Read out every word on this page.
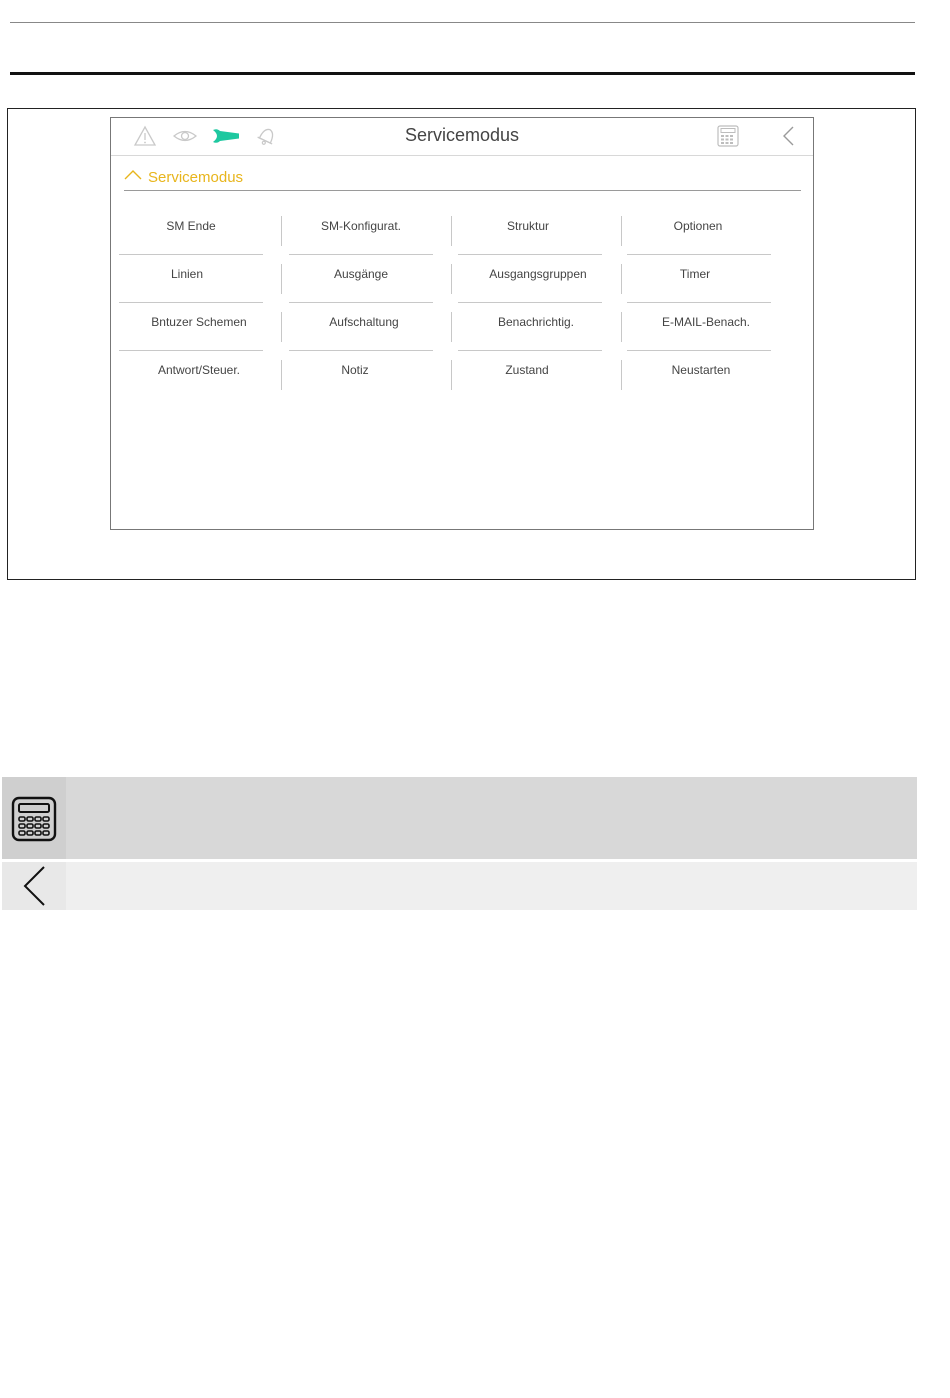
Servicemodus
Servicemodus
SM Ende	SM-Konfigurat.	Struktur	Optionen
Linien	Ausgänge	Ausgangsgruppen	Timer
Bntuzer Schemen	Aufschaltung	Benachrichtig.	E-MAIL-Benach.
Antwort/Steuer.	Notiz	Zustand	Neustarten
